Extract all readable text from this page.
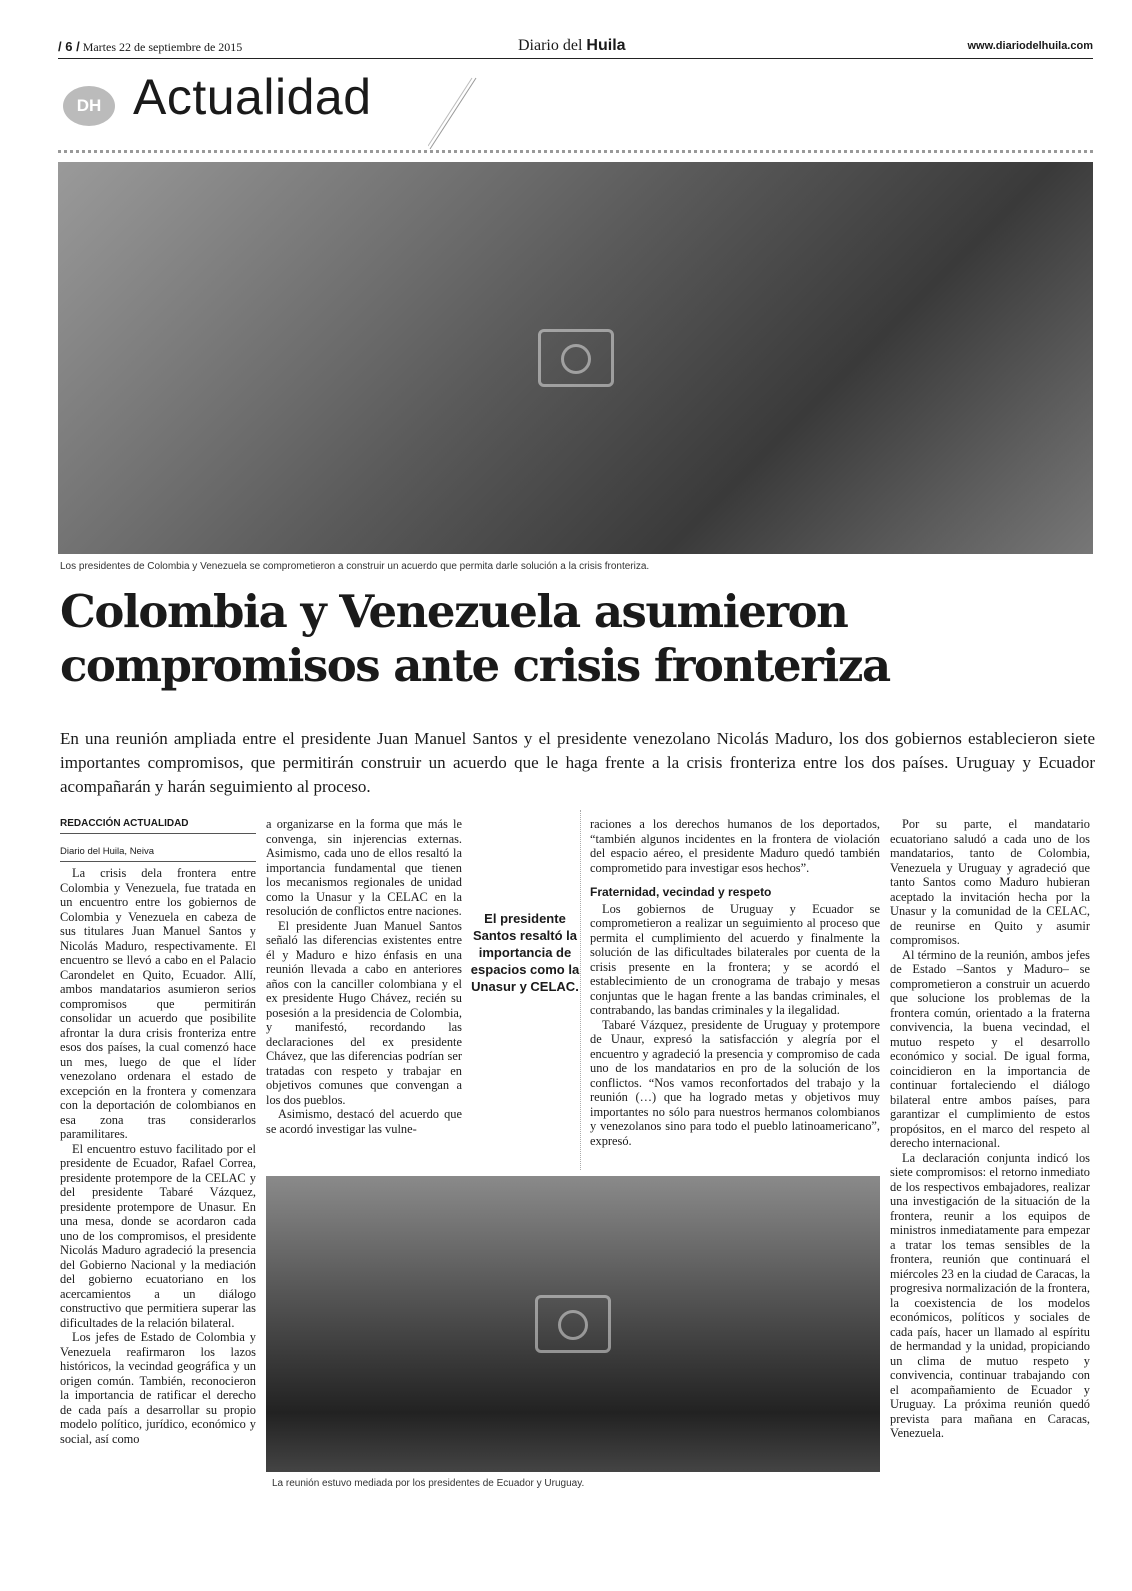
/ 6 / Martes 22 de septiembre de 2015	Diario del Huila	www.diariodelhuila.com
DH Actualidad
Los presidentes de Colombia y Venezuela se comprometieron a construir un acuerdo que permita darle solución a la crisis fronteriza.
Colombia y Venezuela asumieron
compromisos ante crisis fronteriza
En una reunión ampliada entre el presidente Juan Manuel Santos y el presidente venezolano Nicolás Maduro, los dos gobiernos establecieron siete importantes compromisos, que permitirán construir un acuerdo que le haga frente a la crisis fronteriza entre los dos países. Uruguay y Ecuador acompañarán y harán seguimiento al proceso.
REDACCIÓN ACTUALIDAD
Diario del Huila, Neiva

La crisis dela frontera entre Colombia y Venezuela, fue tratada en un encuentro entre los gobiernos de Colombia y Venezuela en cabeza de sus titulares Juan Manuel Santos y Nicolás Maduro, respectivamente. El encuentro se llevó a cabo en el Palacio Carondelet en Quito, Ecuador. Allí, ambos mandatarios asumieron serios compromisos que permitirán consolidar un acuerdo que posibilite afrontar la dura crisis fronteriza entre esos dos países, la cual comenzó hace un mes, luego de que el líder venezolano ordenara el estado de excepción en la frontera y comenzara con la deportación de colombianos en esa zona tras considerarlos paramilitares.

El encuentro estuvo facilitado por el presidente de Ecuador, Rafael Correa, presidente protempore de la CELAC y del presidente Tabaré Vázquez, presidente protempore de Unasur. En una mesa, donde se acordaron cada uno de los compromisos, el presidente Nicolás Maduro agradeció la presencia del Gobierno Nacional y la mediación del gobierno ecuatoriano en los acercamientos a un diálogo constructivo que permitiera superar las dificultades de la relación bilateral.

Los jefes de Estado de Colombia y Venezuela reafirmaron los lazos históricos, la vecindad geográfica y un origen común. También, reconocieron la importancia de ratificar el derecho de cada país a desarrollar su propio modelo político, jurídico, económico y social, así como

a organizarse en la forma que más le convenga, sin injerencias externas. Asimismo, cada uno de ellos resaltó la importancia fundamental que tienen los mecanismos regionales de unidad como la Unasur y la CELAC en la resolución de conflictos entre naciones.

El presidente Juan Manuel Santos señaló las diferencias existentes entre él y Maduro e hizo énfasis en una reunión llevada a cabo en anteriores años con la canciller colombiana y el ex presidente Hugo Chávez, recién su posesión a la presidencia de Colombia, y manifestó, recordando las declaraciones del ex presidente Chávez, que las diferencias podrían ser tratadas con respeto y trabajar en objetivos comunes que convengan a los dos pueblos.

Asimismo, destacó del acuerdo que se acordó investigar las vulne-

El presidente Santos resaltó la importancia de espacios como la Unasur y CELAC.

raciones a los derechos humanos de los deportados, “también algunos incidentes en la frontera de violación del espacio aéreo, el presidente Maduro quedó también comprometido para investigar esos hechos”.

Fraternidad, vecindad y respeto

Los gobiernos de Uruguay y Ecuador se comprometieron a realizar un seguimiento al proceso que permita el cumplimiento del acuerdo y finalmente la solución de las dificultades bilaterales por cuenta de la crisis presente en la frontera; y se acordó el establecimiento de un cronograma de trabajo y mesas conjuntas que le hagan frente a las bandas criminales, el contrabando, las bandas criminales y la ilegalidad.

Tabaré Vázquez, presidente de Uruguay y protempore de Unaur, expresó la satisfacción y alegría por el encuentro y agradeció la presencia y compromiso de cada uno de los mandatarios en pro de la solución de los conflictos. “Nos vamos reconfortados del trabajo y la reunión (…) que ha logrado metas y objetivos muy importantes no sólo para nuestros hermanos colombianos y venezolanos sino para todo el pueblo latinoamericano”, expresó.

Por su parte, el mandatario ecuatoriano saludó a cada uno de los mandatarios, tanto de Colombia, Venezuela y Uruguay y agradeció que tanto Santos como Maduro hubieran aceptado la invitación hecha por la Unasur y la comunidad de la CELAC, de reunirse en Quito y asumir compromisos.

Al término de la reunión, ambos jefes de Estado –Santos y Maduro– se comprometieron a construir un acuerdo que solucione los problemas de la frontera común, orientado a la fraterna convivencia, la buena vecindad, el mutuo respeto y el desarrollo económico y social. De igual forma, coincidieron en la importancia de continuar fortaleciendo el diálogo bilateral entre ambos países, para garantizar el cumplimiento de estos propósitos, en el marco del respeto al derecho internacional.

La declaración conjunta indicó los siete compromisos: el retorno inmediato de los respectivos embajadores, realizar una investigación de la situación de la frontera, reunir a los equipos de ministros inmediatamente para empezar a tratar los temas sensibles de la frontera, reunión que continuará el miércoles 23 en la ciudad de Caracas, la progresiva normalización de la frontera, la coexistencia de los modelos económicos, políticos y sociales de cada país, hacer un llamado al espíritu de hermandad y la unidad, propiciando un clima de mutuo respeto y convivencia, continuar trabajando con el acompañamiento de Ecuador y Uruguay. La próxima reunión quedó prevista para mañana en Caracas, Venezuela.

La reunión estuvo mediada por los presidentes de Ecuador y Uruguay.
